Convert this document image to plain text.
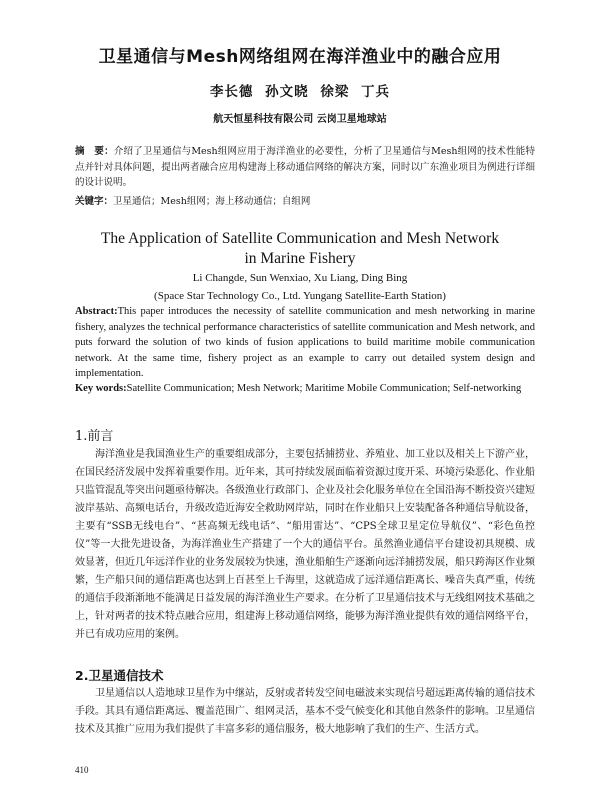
卫星通信与Mesh网络组网在海洋渔业中的融合应用

李长德 孙文晓 徐梁 丁兵

航天恒星科技有限公司 云岗卫星地球站

摘　要：介绍了卫星通信与Mesh组网应用于海洋渔业的必要性，分析了卫星通信与Mesh组网的技术性能特点并针对具体问题，提出两者融合应用构建海上移动通信网络的解决方案，同时以广东渔业项目为例进行详细的设计说明。

关键字：卫星通信；Mesh组网；海上移动通信；自组网

The Application of Satellite Communication and Mesh Network
in Marine Fishery

Li Changde, Sun Wenxiao, Xu Liang, Ding Bing

(Space Star Technology Co., Ltd. Yungang Satellite-Earth Station)

Abstract:This paper introduces the necessity of satellite communication and mesh networking in marine fishery, analyzes the technical performance characteristics of satellite communication and Mesh network, and puts forward the solution of two kinds of fusion applications to build maritime mobile communication network. At the same time, fishery project as an example to carry out detailed system design and implementation.

Key words:Satellite Communication; Mesh Network; Maritime Mobile Communication; Self-networking

1.前言

海洋渔业是我国渔业生产的重要组成部分，主要包括捕捞业、养殖业、加工业以及相关上下游产业，在国民经济发展中发挥着重要作用。近年来，其可持续发展面临着资源过度开采、环境污染恶化、作业船只监管混乱等突出问题亟待解决。各级渔业行政部门、企业及社会化服务单位在全国沿海不断投资兴建短波岸基站、高频电话台，升级改造近海安全救助网岸站，同时在作业船只上安装配备各种通信导航设备，主要有“SSB无线电台”、“甚高频无线电话”、“船用雷达”、“CPS全球卫星定位导航仪”、“彩色鱼控仪”等一大批先进设备，为海洋渔业生产搭建了一个大的通信平台。虽然渔业通信平台建设初具规模、成效显著，但近几年远洋作业的业务发展较为快速，渔业船舶生产逐渐向远洋捕捞发展，船只跨海区作业频繁，生产船只间的通信距离也达到上百甚至上千海里，这就造成了远洋通信距离长、噪音失真严重，传统的通信手段渐渐地不能满足日益发展的海洋渔业生产要求。在分析了卫星通信技术与无线组网技术基础之上，针对两者的技术特点融合应用，组建海上移动通信网络，能够为海洋渔业提供有效的通信网络平台，并已有成功应用的案例。

2.卫星通信技术

卫星通信以人造地球卫星作为中继站，反射或者转发空间电磁波来实现信号超远距离传输的通信技术手段。其具有通信距离远、覆盖范围广、组网灵活，基本不受气候变化和其他自然条件的影响。卫星通信技术及其推广应用为我们提供了丰富多彩的通信服务，极大地影响了我们的生产、生活方式。

410
